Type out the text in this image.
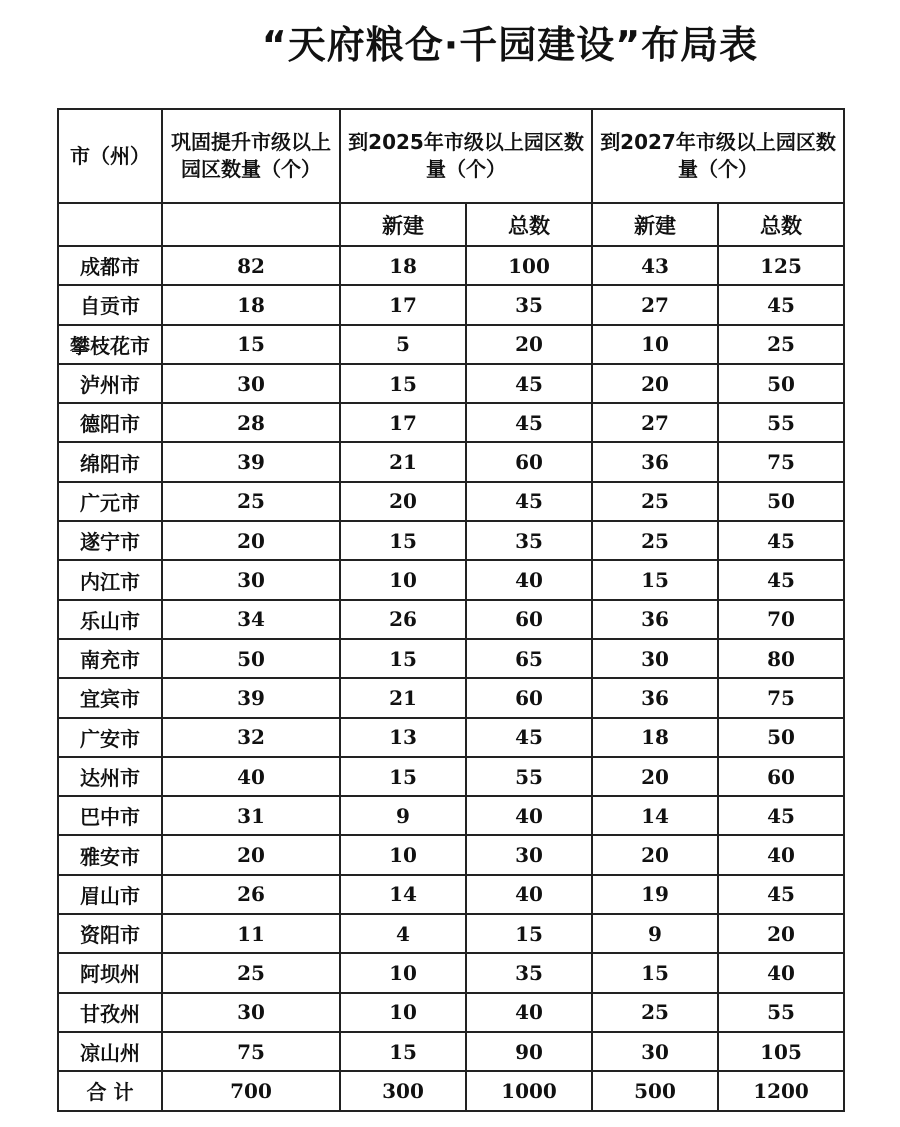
“天府粮仓·千园建设”布局表
市（州）	巩固提升市级以上园区数量（个）	到2025年市级以上园区数量（个）		到2027年市级以上园区数量（个）	

		新建	总数	新建	总数
成都市	82	18	100	43	125
自贡市	18	17	35	27	45
攀枝花市	15	5	20	10	25
泸州市	30	15	45	20	50
德阳市	28	17	45	27	55
绵阳市	39	21	60	36	75
广元市	25	20	45	25	50
遂宁市	20	15	35	25	45
内江市	30	10	40	15	45
乐山市	34	26	60	36	70
南充市	50	15	65	30	80
宜宾市	39	21	60	36	75
广安市	32	13	45	18	50
达州市	40	15	55	20	60
巴中市	31	9	40	14	45
雅安市	20	10	30	20	40
眉山市	26	14	40	19	45
资阳市	11	4	15	9	20
阿坝州	25	10	35	15	40
甘孜州	30	10	40	25	55
凉山州	75	15	90	30	105
合 计	700	300	1000	500	1200
